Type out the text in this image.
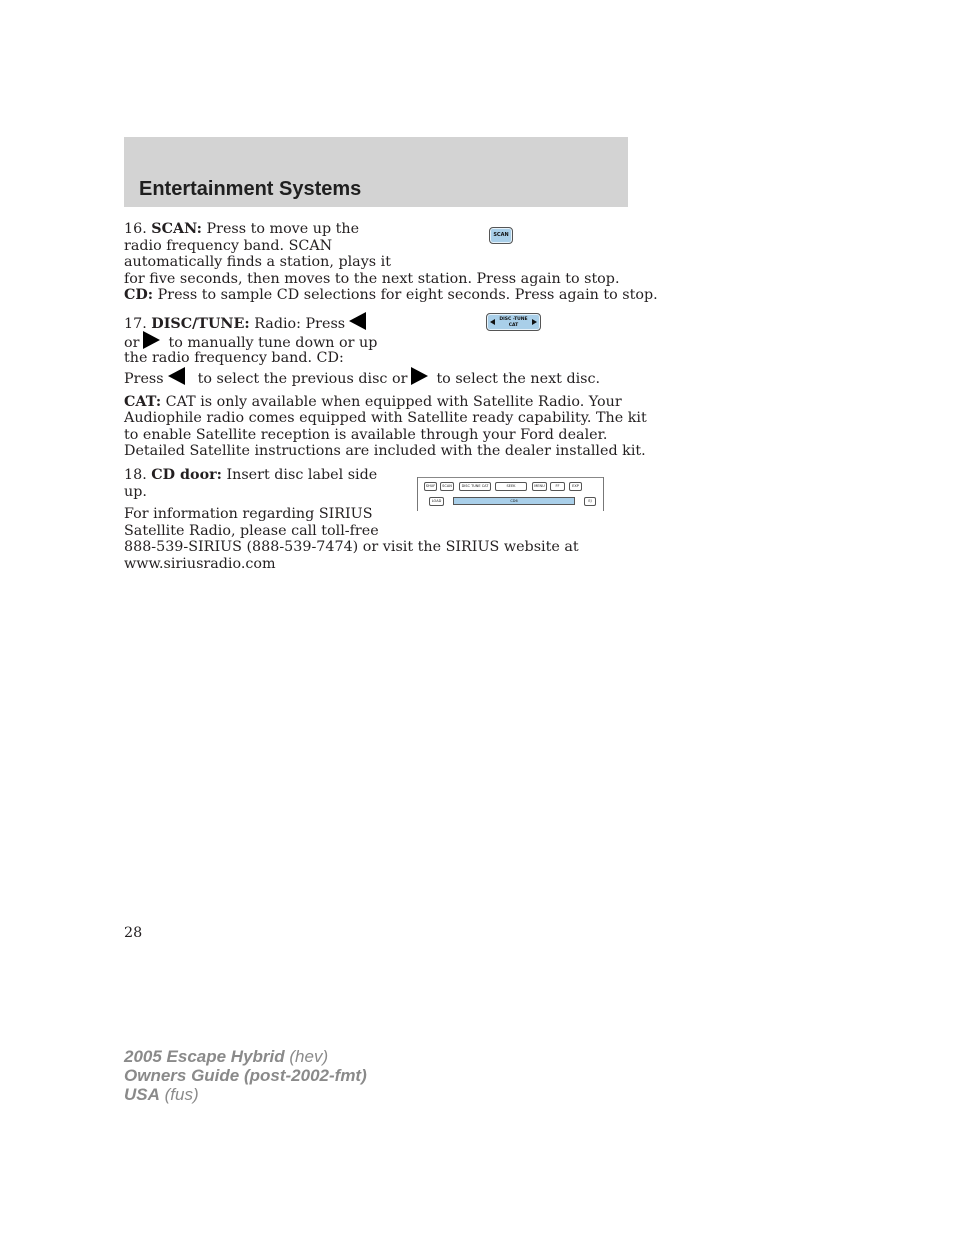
Entertainment Systems

16. SCAN: Press to move up the
radio frequency band. SCAN
automatically finds a station, plays it
for five seconds, then moves to the next station. Press again to stop.
CD: Press to sample CD selections for eight seconds. Press again to stop.

17. DISC/TUNE: Radio: Press
or to manually tune down or up
the radio frequency band. CD:
Press to select the previous disc or to select the next disc.

CAT: CAT is only available when equipped with Satellite Radio. Your
Audiophile radio comes equipped with Satellite ready capability. The kit
to enable Satellite reception is available through your Ford dealer.
Detailed Satellite instructions are included with the dealer installed kit.

18. CD door: Insert disc label side
up.

For information regarding SIRIUS
Satellite Radio, please call toll-free
888-539-SIRIUS (888-539-7474) or visit the SIRIUS website at
www.siriusradio.com

SCAN
DISC -TUNE
CAT
SHUF	SCAN	DISC TUNE CAT	SEEK	MENU	FF	EXP
LOAD	CD6	EJ

28

2005 Escape Hybrid (hev)
Owners Guide (post-2002-fmt)
USA (fus)
